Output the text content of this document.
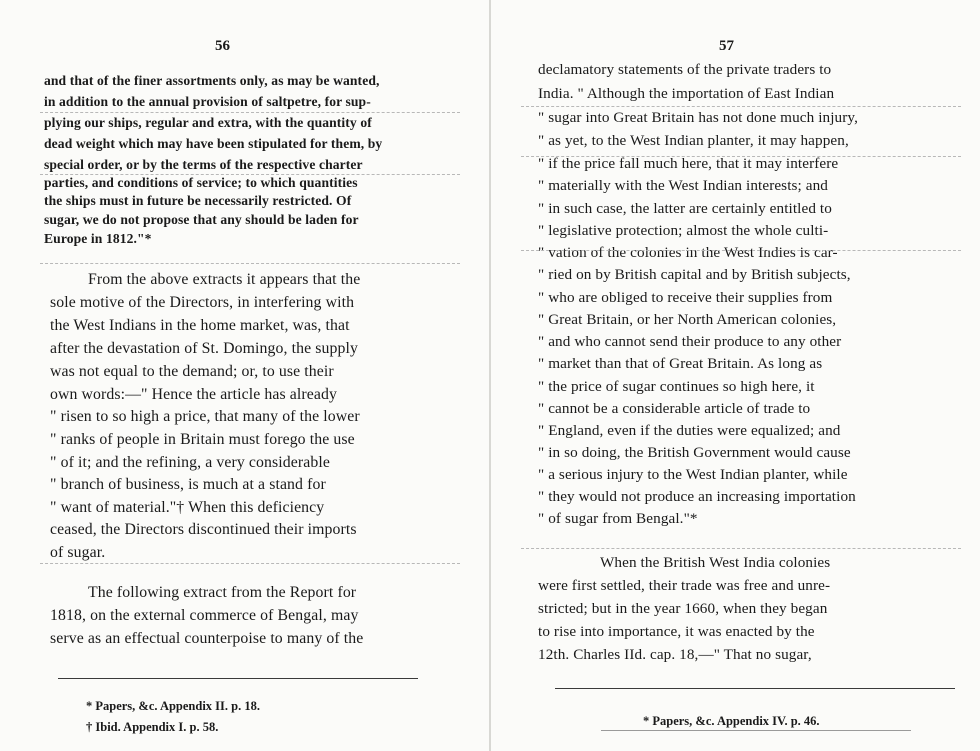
56
and that of the finer assortments only, as may be wanted,
in addition to the annual provision of saltpetre, for sup-
plying our ships, regular and extra, with the quantity of
dead weight which may have been stipulated for them, by
special order, or by the terms of the respective charter
parties, and conditions of service; to which quantities
the ships must in future be necessarily restricted. Of
sugar, we do not propose that any should be laden for
Europe in 1812."*
From the above extracts it appears that the
sole motive of the Directors, in interfering with
the West Indians in the home market, was, that
after the devastation of St. Domingo, the supply
was not equal to the demand; or, to use their
own words:—" Hence the article has already
" risen to so high a price, that many of the lower
" ranks of people in Britain must forego the use
" of it; and the refining, a very considerable
" branch of business, is much at a stand for
" want of material."† When this deficiency
ceased, the Directors discontinued their imports
of sugar.
The following extract from the Report for
1818, on the external commerce of Bengal, may
serve as an effectual counterpoise to many of the
* Papers, &c. Appendix II. p. 18.
† Ibid. Appendix I. p. 58.
57
declamatory statements of the private traders to
India. " Although the importation of East Indian
" sugar into Great Britain has not done much injury,
" as yet, to the West Indian planter, it may happen,
" if the price fall much here, that it may interfere
" materially with the West Indian interests; and
" in such case, the latter are certainly entitled to
" legislative protection; almost the whole culti-
" vation of the colonies in the West Indies is car-
" ried on by British capital and by British subjects,
" who are obliged to receive their supplies from
" Great Britain, or her North American colonies,
" and who cannot send their produce to any other
" market than that of Great Britain. As long as
" the price of sugar continues so high here, it
" cannot be a considerable article of trade to
" England, even if the duties were equalized; and
" in so doing, the British Government would cause
" a serious injury to the West Indian planter, while
" they would not produce an increasing importation
" of sugar from Bengal."*
When the British West India colonies
were first settled, their trade was free and unre-
stricted; but in the year 1660, when they began
to rise into importance, it was enacted by the
12th. Charles IId. cap. 18,—" That no sugar,
* Papers, &c. Appendix IV. p. 46.
